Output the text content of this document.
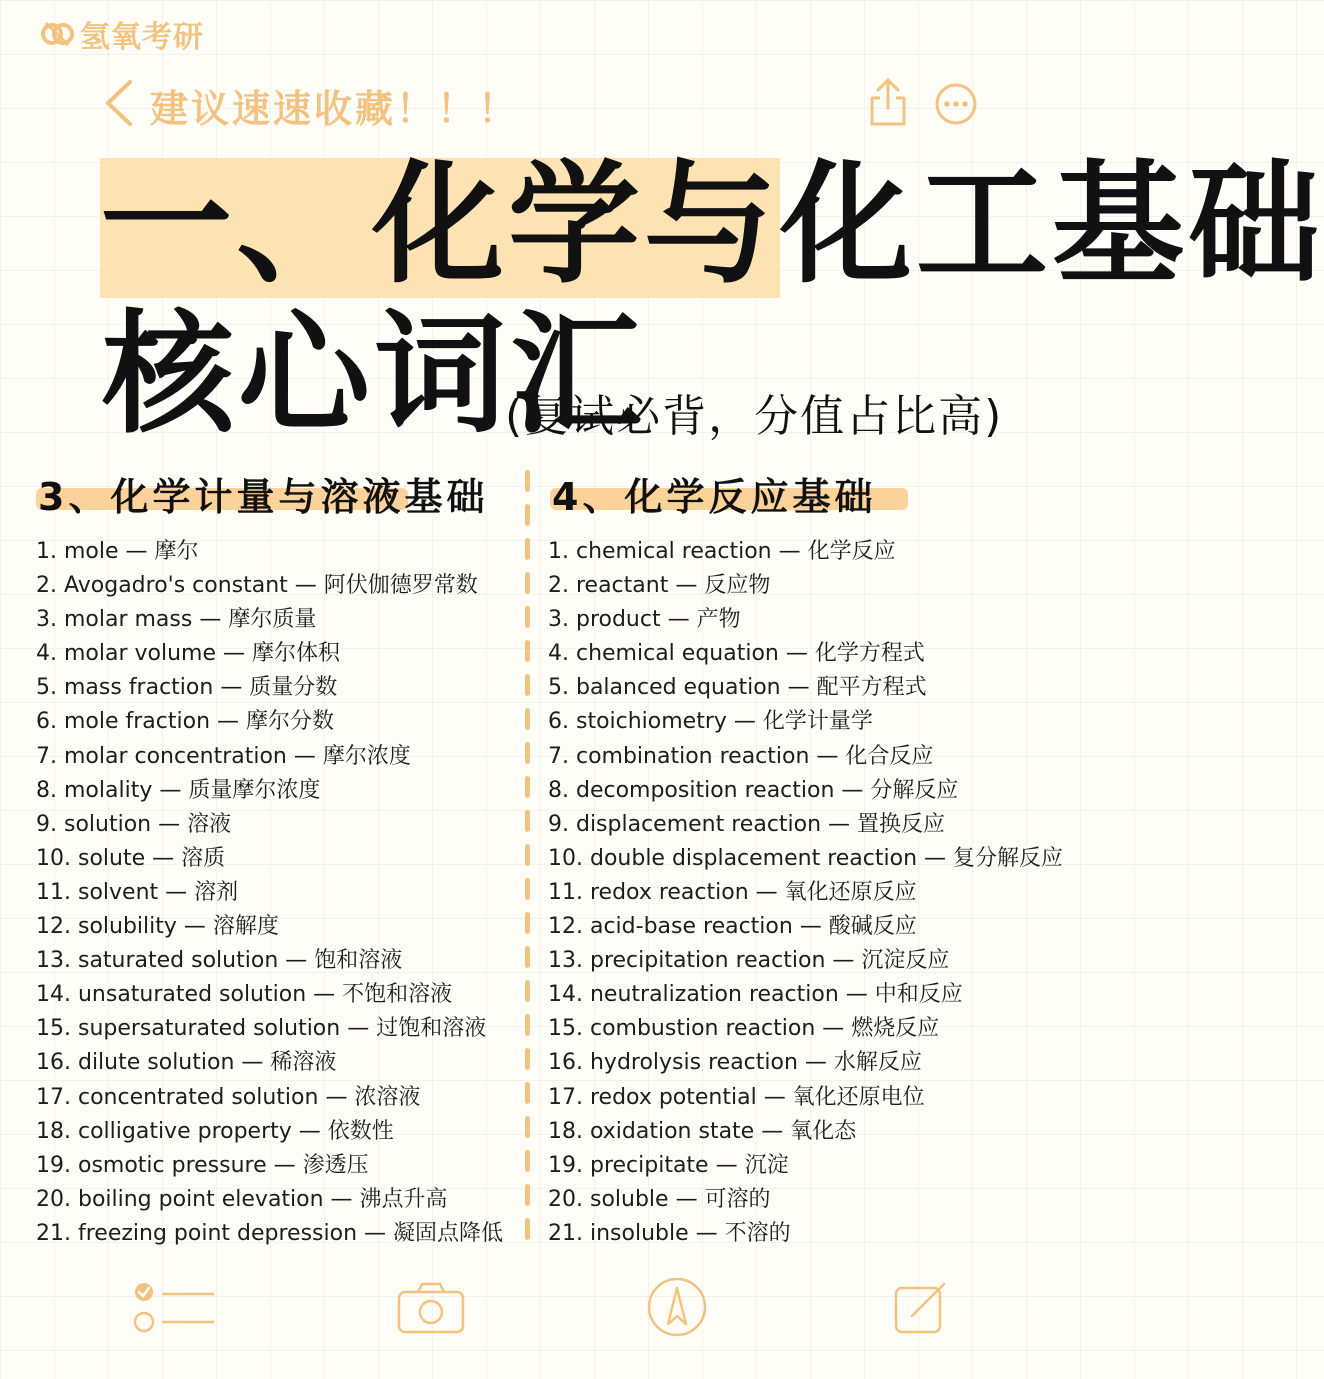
氢氧考研
建议速速收藏！！！
一、化学与化工基础
核心词汇
(复试必背，分值占比高)
3、化学计量与溶液基础 4、化学反应基础
1. mole — 摩尔
2. Avogadro's constant — 阿伏伽德罗常数
3. molar mass — 摩尔质量
4. molar volume — 摩尔体积
5. mass fraction — 质量分数
6. mole fraction — 摩尔分数
7. molar concentration — 摩尔浓度
8. molality — 质量摩尔浓度
9. solution — 溶液
10. solute — 溶质
11. solvent — 溶剂
12. solubility — 溶解度
13. saturated solution — 饱和溶液
14. unsaturated solution — 不饱和溶液
15. supersaturated solution — 过饱和溶液
16. dilute solution — 稀溶液
17. concentrated solution — 浓溶液
18. colligative property — 依数性
19. osmotic pressure — 渗透压
20. boiling point elevation — 沸点升高
21. freezing point depression — 凝固点降低
1. chemical reaction — 化学反应
2. reactant — 反应物
3. product — 产物
4. chemical equation — 化学方程式
5. balanced equation — 配平方程式
6. stoichiometry — 化学计量学
7. combination reaction — 化合反应
8. decomposition reaction — 分解反应
9. displacement reaction — 置换反应
10. double displacement reaction — 复分解反应
11. redox reaction — 氧化还原反应
12. acid-base reaction — 酸碱反应
13. precipitation reaction — 沉淀反应
14. neutralization reaction — 中和反应
15. combustion reaction — 燃烧反应
16. hydrolysis reaction — 水解反应
17. redox potential — 氧化还原电位
18. oxidation state — 氧化态
19. precipitate — 沉淀
20. soluble — 可溶的
21. insoluble — 不溶的
